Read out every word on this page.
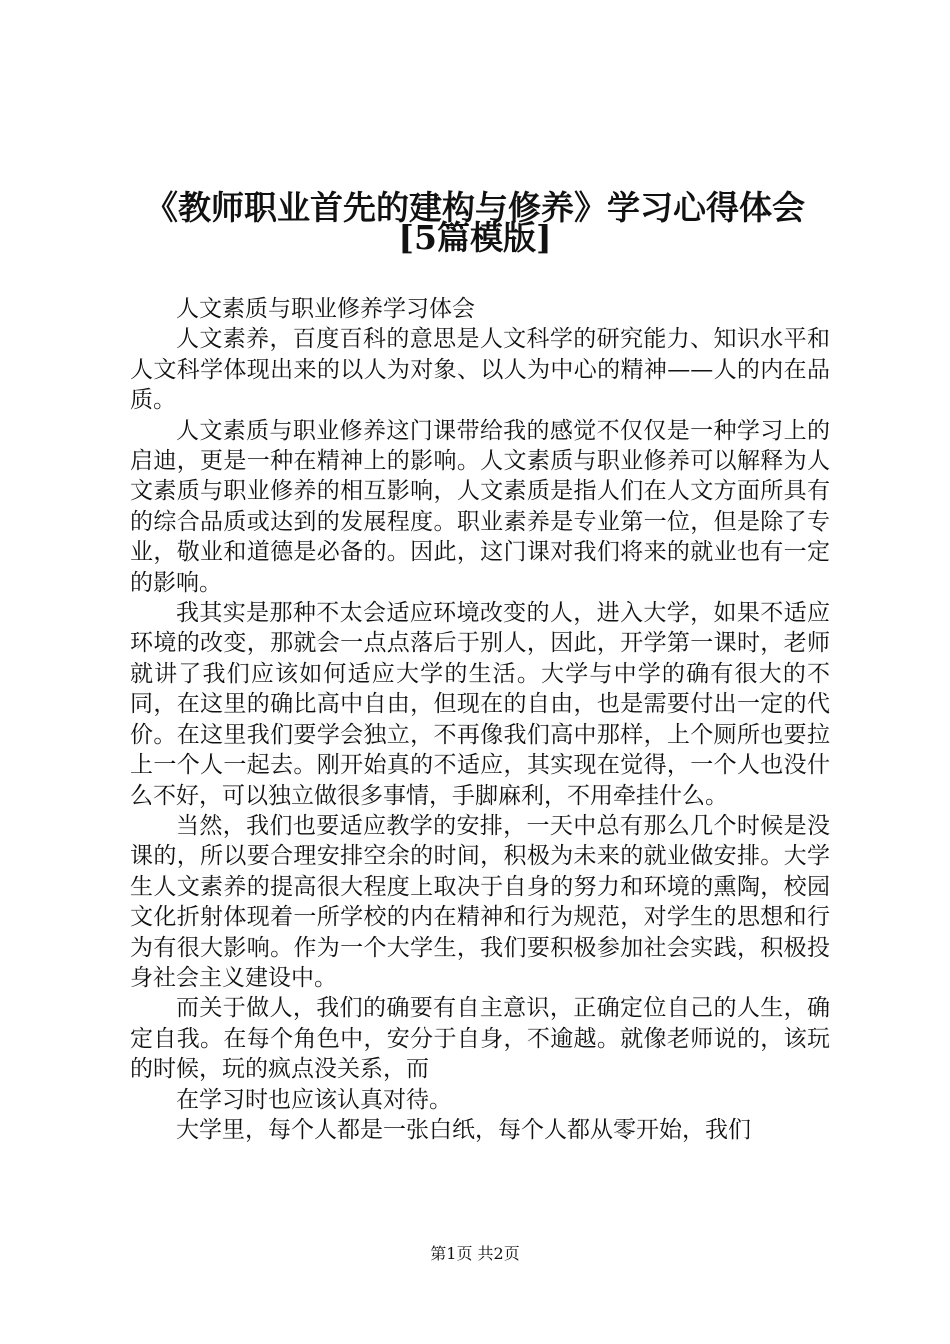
《教师职业首先的建构与修养》学习心得体会
[5篇模版]

人文素质与职业修养学习体会

人文素养，百度百科的意思是人文科学的研究能力、知识水平和人文科学体现出来的以人为对象、以人为中心的精神——人的内在品质。

人文素质与职业修养这门课带给我的感觉不仅仅是一种学习上的启迪，更是一种在精神上的影响。人文素质与职业修养可以解释为人文素质与职业修养的相互影响，人文素质是指人们在人文方面所具有的综合品质或达到的发展程度。职业素养是专业第一位，但是除了专业，敬业和道德是必备的。因此，这门课对我们将来的就业也有一定的影响。

我其实是那种不太会适应环境改变的人，进入大学，如果不适应环境的改变，那就会一点点落后于别人，因此，开学第一课时，老师就讲了我们应该如何适应大学的生活。大学与中学的确有很大的不同，在这里的确比高中自由，但现在的自由，也是需要付出一定的代价。在这里我们要学会独立，不再像我们高中那样，上个厕所也要拉上一个人一起去。刚开始真的不适应，其实现在觉得，一个人也没什么不好，可以独立做很多事情，手脚麻利，不用牵挂什么。

当然，我们也要适应教学的安排，一天中总有那么几个时候是没课的，所以要合理安排空余的时间，积极为未来的就业做安排。大学生人文素养的提高很大程度上取决于自身的努力和环境的熏陶，校园文化折射体现着一所学校的内在精神和行为规范，对学生的思想和行为有很大影响。作为一个大学生，我们要积极参加社会实践，积极投身社会主义建设中。

而关于做人，我们的确要有自主意识，正确定位自己的人生，确定自我。在每个角色中，安分于自身，不逾越。就像老师说的，该玩的时候，玩的疯点没关系，而

在学习时也应该认真对待。

大学里，每个人都是一张白纸，每个人都从零开始，我们

第1页 共2页
